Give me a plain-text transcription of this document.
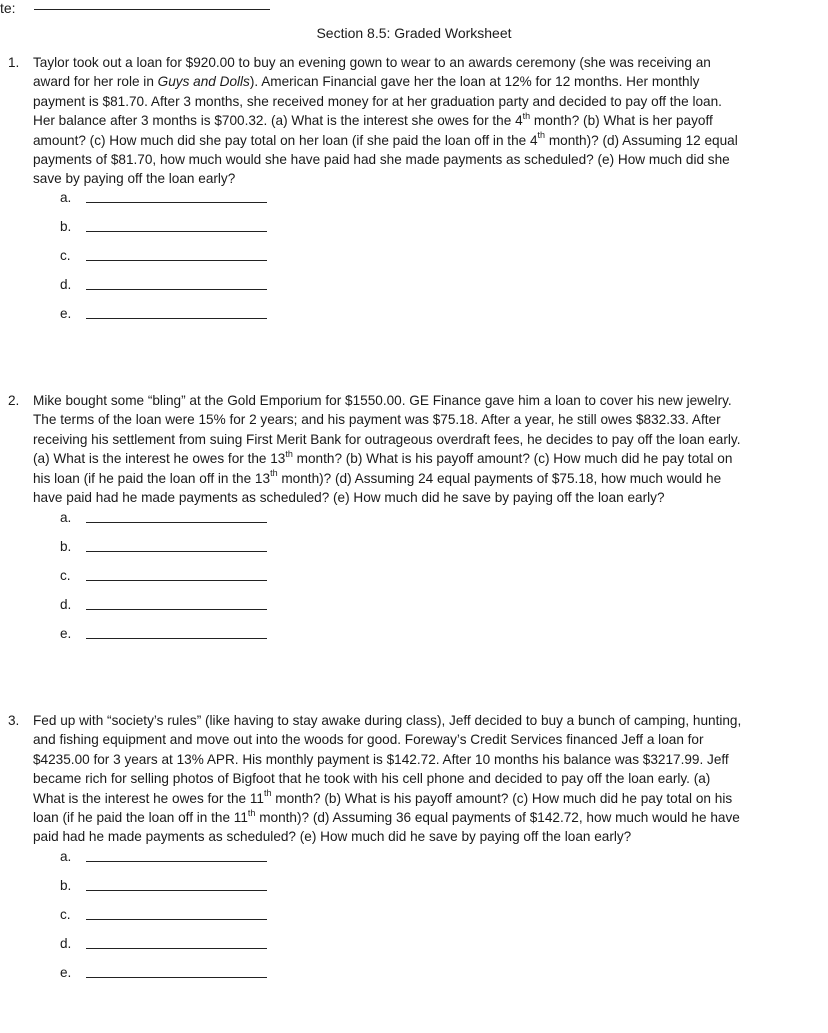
te:
Section 8.5: Graded Worksheet
1. Taylor took out a loan for $920.00 to buy an evening gown to wear to an awards ceremony (she was receiving an
award for her role in Guys and Dolls). American Financial gave her the loan at 12% for 12 months. Her monthly
payment is $81.70. After 3 months, she received money for at her graduation party and decided to pay off the loan.
Her balance after 3 months is $700.32. (a) What is the interest she owes for the 4th month? (b) What is her payoff
amount? (c) How much did she pay total on her loan (if she paid the loan off in the 4th month)? (d) Assuming 12 equal
payments of $81.70, how much would she have paid had she made payments as scheduled? (e) How much did she
save by paying off the loan early?
a.
b.
c.
d.
e.
2. Mike bought some “bling” at the Gold Emporium for $1550.00. GE Finance gave him a loan to cover his new jewelry.
The terms of the loan were 15% for 2 years; and his payment was $75.18. After a year, he still owes $832.33. After
receiving his settlement from suing First Merit Bank for outrageous overdraft fees, he decides to pay off the loan early.
(a) What is the interest he owes for the 13th month? (b) What is his payoff amount? (c) How much did he pay total on
his loan (if he paid the loan off in the 13th month)? (d) Assuming 24 equal payments of $75.18, how much would he
have paid had he made payments as scheduled? (e) How much did he save by paying off the loan early?
a.
b.
c.
d.
e.
3. Fed up with “society’s rules” (like having to stay awake during class), Jeff decided to buy a bunch of camping, hunting,
and fishing equipment and move out into the woods for good. Foreway’s Credit Services financed Jeff a loan for
$4235.00 for 3 years at 13% APR. His monthly payment is $142.72. After 10 months his balance was $3217.99. Jeff
became rich for selling photos of Bigfoot that he took with his cell phone and decided to pay off the loan early. (a)
What is the interest he owes for the 11th month? (b) What is his payoff amount? (c) How much did he pay total on his
loan (if he paid the loan off in the 11th month)? (d) Assuming 36 equal payments of $142.72, how much would he have
paid had he made payments as scheduled? (e) How much did he save by paying off the loan early?
a.
b.
c.
d.
e.
